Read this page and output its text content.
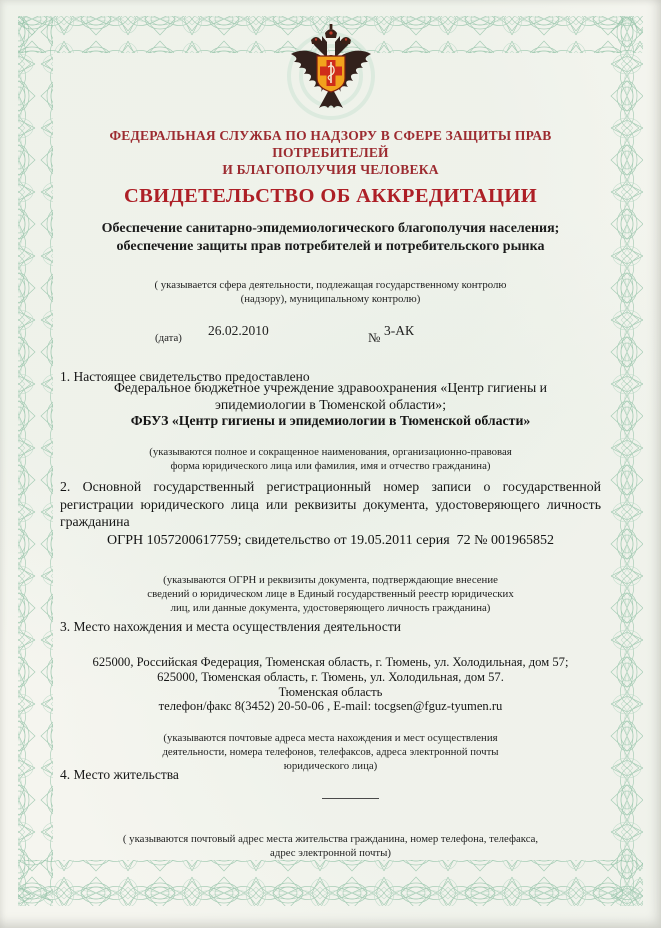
ФЕДЕРАЛЬНАЯ СЛУЖБА ПО НАДЗОРУ В СФЕРЕ ЗАЩИТЫ ПРАВ ПОТРЕБИТЕЛЕЙ
И БЛАГОПОЛУЧИЯ ЧЕЛОВЕКА
СВИДЕТЕЛЬСТВО ОБ АККРЕДИТАЦИИ
Обеспечение санитарно-эпидемиологического благополучия населения;
обеспечение защиты прав потребителей и потребительского рынка
( указывается сфера деятельности, подлежащая государственному контролю
(надзору), муниципальному контролю)
(дата) 26.02.2010	№ 3-АК
1. Настоящее свидетельство предоставлено
Федеральное бюджетное учреждение здравоохранения «Центр гигиены и
эпидемиологии в Тюменской области»;
ФБУЗ «Центр гигиены и эпидемиологии в Тюменской области»
(указываются полное и сокращенное наименования, организационно-правовая
форма юридического лица или фамилия, имя и отчество гражданина)
2. Основной государственный регистрационный номер записи о государственной регистрации юридического лица или реквизиты документа, удостоверяющего личность гражданина
ОГРН 1057200617759; свидетельство от 19.05.2011 серия  72 № 001965852
(указываются ОГРН и реквизиты документа, подтверждающие внесение
сведений о юридическом лице в Единый государственный реестр юридических
лиц, или данные документа, удостоверяющего личность гражданина)
3. Место нахождения и места осуществления деятельности
625000, Российская Федерация, Тюменская область, г. Тюмень, ул. Холодильная, дом 57;
625000, Тюменская область, г. Тюмень, ул. Холодильная, дом 57.
Тюменская область
телефон/факс 8(3452) 20-50-06 , E-mail: tocgsen@fguz-tyumen.ru
(указываются почтовые адреса места нахождения и мест осуществления
деятельности, номера телефонов, телефаксов, адреса электронной почты
юридического лица)
4. Место жительства
( указываются почтовый адрес места жительства гражданина, номер телефона, телефакса,
адрес электронной почты)
